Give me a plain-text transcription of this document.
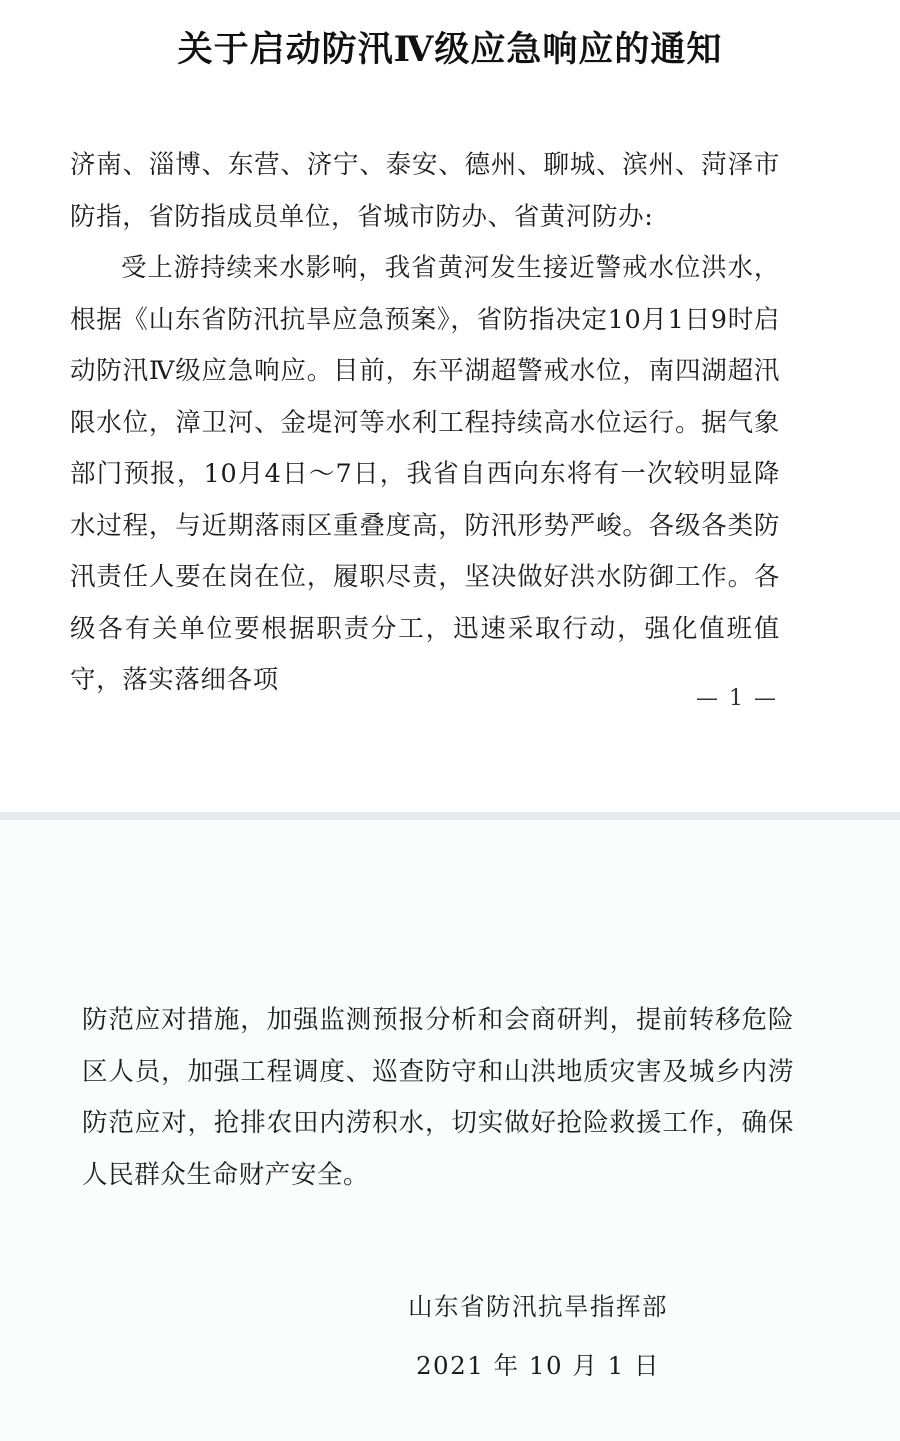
关于启动防汛Ⅳ级应急响应的通知
济南、淄博、东营、济宁、泰安、德州、聊城、滨州、菏泽市防指，省防指成员单位，省城市防办、省黄河防办:
受上游持续来水影响，我省黄河发生接近警戒水位洪水，根据《山东省防汛抗旱应急预案》，省防指决定10月1日9时启动防汛Ⅳ级应急响应。目前，东平湖超警戒水位，南四湖超汛限水位，漳卫河、金堤河等水利工程持续高水位运行。据气象部门预报，10月4日～7日，我省自西向东将有一次较明显降水过程，与近期落雨区重叠度高，防汛形势严峻。各级各类防汛责任人要在岗在位，履职尽责，坚决做好洪水防御工作。各级各有关单位要根据职责分工，迅速采取行动，强化值班值守，落实落细各项
— 1 —
防范应对措施，加强监测预报分析和会商研判，提前转移危险区人员，加强工程调度、巡查防守和山洪地质灾害及城乡内涝防范应对，抢排农田内涝积水，切实做好抢险救援工作，确保人民群众生命财产安全。
山东省防汛抗旱指挥部
2021 年 10 月 1 日
